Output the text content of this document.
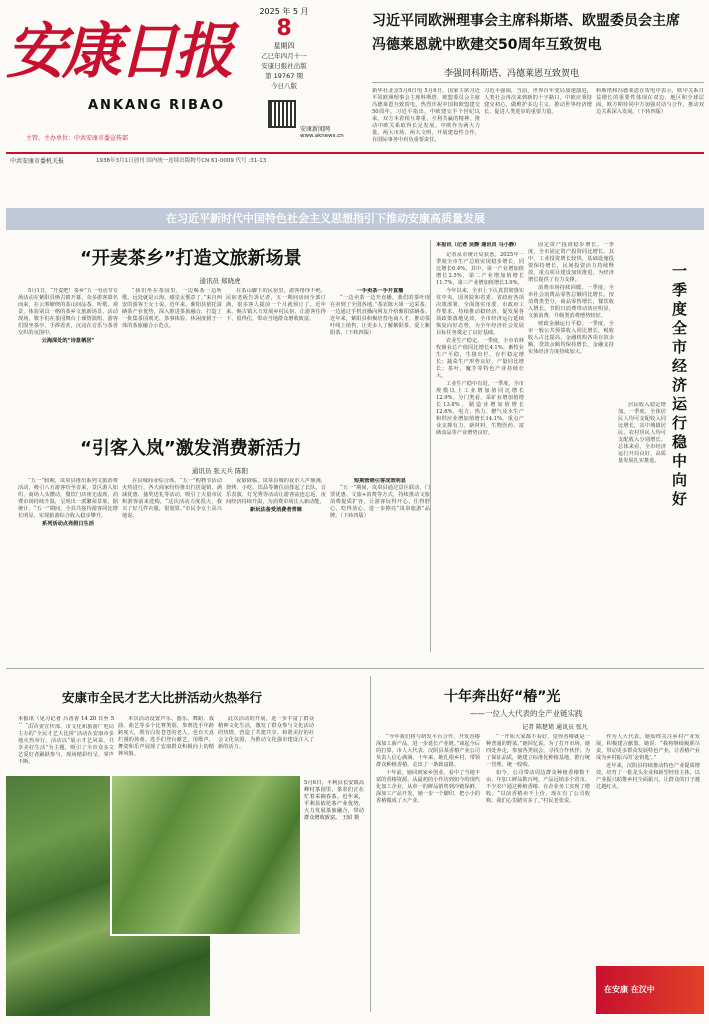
安康日报
ANKANG RIBAO
主管、主办单位：中共安康市委宣传部
2025 年 5 月
8
星期四
乙巳年四月十一
安康日报社出版
第 19767 期
今日八版
安康新闻网
www.aknews.cn
习近平同欧洲理事会主席科斯塔、欧盟委员会主席
冯德莱恩就中欧建交50周年互致贺电
李强同科斯塔、冯德莱恩互致贺电
新华社北京5月6日电 5月6日，国家主席习近平同欧洲理事会主席科斯塔、欧盟委员会主席冯德莱恩互致贺电，热烈庆祝中国和欧盟建交50周年。习近平指出，中欧建交半个世纪以来，双方本着相互尊重、互利共赢的精神，推动中欧关系取得长足发展。中欧作为两大力量、两大市场、两大文明，开展建设性合作，在国际事务中肩负重要责任。
习近平强调，当前，世界百年变局加速演进，人类社会再次来到新的十字路口，中欧应秉持建交初心，做维护多边主义、推动世界经济增长、促进人类进步的重要力量。
科斯塔和冯德莱恩在贺电中表示，欧中关系日益增长的重要性体现在双边、地区和全球层面。欧方期待同中方加强对话与合作，推动双边关系深入发展。（下转四版）
中共安康市委机关报	1938年3月1日创刊 国内统一连续出版物号CN 61-0009 代号 :31-13
在习近平新时代中国特色社会主义思想指引下推动安康高质量发展
“开麦茶乡”打造文旅新场景
通讯员 郑晓虎
5月1日，“开麦吧！茶乡”五一劳动节专场活动在紫阳县焕古镇开幕，众多游客慕名而来，在云雾缭绕的茶山间品茶、听歌、观景，体验别具一格的茶乡文旅新场景。活动现场，歌手们在茶园舞台上倾情演唱，游客们围坐茶亭，手捧香茗，沉浸在音乐与茶香交织的氛围中。
云海深处的“诗意栖居”
“我们坐在茶园里，一边喝茶一边听歌，远处就是云海，感觉太惬意了。”来自西安的游客王女士说。近年来，紫阳县依托富硒茶产业优势，深入推进茶旅融合，打造了一批集茶园观光、茶事体验、休闲度假于一体的茶旅融合示范点。
在茶山脚下的民宿里，游客络绎不绝。民宿老板告诉记者，五一期间房间全部订满，很多客人提前一个月就预订了。近年来，焕古镇大力发展乡村民宿，让游客住得下、留得住，带动当地群众增收致富。
一手卖茶一手开直播
“一边卖茶一边开直播，我们的茶叶现在卖到了全国各地。”茶农陈大姐一边采茶，一边通过手机直播向网友介绍紫阳富硒茶。近年来，紫阳县积极培育电商人才，推动茶叶线上销售，让更多人了解紫阳茶、爱上紫阳茶。（下转四版）
“引客入岚”激发消费新活力
通讯员 张天兵 陈阳
“五一”假期，岚皋县推出系列文旅消费活动，吸引八方游客纷至沓来，景区游人如织，商场人头攒动，餐饮门店座无虚席，消费市场持续升温，呈现出一派繁荣景象。据统计，“五一”期间，全县共接待游客同比增长明显，实现旅游综合收入稳步攀升。
系列活动点亮假日生活
在县城商业综合体，“五一”购物节活动火热进行，各大商家纷纷推出打折促销、满减优惠、抽奖送礼等活动，吸引了大量市民和游客前来选购。“这次活动力度很大，我买了好几件衣服，很划算。”市民李女士高兴地说。
夜幕降临，岚皋县城的夜市人声鼎沸，烧烤、小吃、饮品等摊位前排起了长队。音乐表演、灯光秀等活动让游客流连忘返，夜间经济持续升温，为消费市场注入新动能。
新玩法备受消费者青睐
短期营销引客成效明显
“五一”期间，岚皋县通过景区联动、门票优惠、文旅+消费等方式，持续推动文旅消费提质扩容，让游客玩得开心、住得舒心、吃得放心，进一步擦亮“岚皋旅游”品牌。（下转四版）
本报讯（记者 吴静 通讯员 马小静）
记者从市统计局获悉，2025年一季度全市生产总值实现稳步增长，同比增长6.4%。其中，第一产业增加值增长2.5%，第二产业增加值增长11.7%，第三产业增加值增长3.9%。
今年以来，全市上下认真贯彻落实党中央、国务院和省委、省政府各项决策部署，全面落实市委、市政府工作要求，持续推动稳经济、促发展各项政策落地见效，全市经济运行延续恢复向好态势，为全年经济社会发展目标任务奠定了良好基础。
农业生产稳定。一季度，全市农林牧渔业总产值同比增长4.1%。畜牧业生产平稳，生猪出栏、存栏稳定增长；蔬菜生产形势良好，产量同比增长；茶叶、魔芋等特色产业持续壮大。
工业生产稳中有进。一季度，全市规模以上工业增加值同比增长12.9%。分门类看，采矿业增加值增长13.8%，制造业增加值增长12.6%，电力、热力、燃气及水生产和供应业增加值增长14.1%。重点产业支撑有力，新材料、生物医药、富硒食品等产业增势良好。
固定资产投资稳步增长。一季度，全市固定资产投资同比增长。其中，工业投资增长较快，基础设施投资保持增长，民间投资活力持续释放。重点项目建设加快推进，为经济增长提供了有力支撑。
消费市场持续回暖。一季度，全市社会消费品零售总额同比增长。按消费类型分，商品零售增长，餐饮收入增长。节假日消费带动效应明显，文旅消费、升级类消费增势较好。
财政金融运行平稳。一季度，全市一般公共预算收入同比增长，税收收入占比提高。金融机构各项存款余额、贷款余额均保持增长，金融支持实体经济力度持续加大。
居民收入稳定增加。一季度，全体居民人均可支配收入同比增长，其中城镇居民、农村居民人均可支配收入分别增长。总体来看，全市经济运行开局良好，高质量发展扎实推进。
一季度全市经济运行稳中向好
安康市全民才艺大比拼活动火热举行
本报讯（见习记者 吕香香 14 20 日至 5
由市委宣传部、市文化和旅游广电局主办的“全民才艺大比拼”活动在安康市多地火热举行。活动以“展示才艺风采、共享美好生活”为主题，吸引了全市众多文艺爱好者踊跃参与，现场精彩纷呈，掌声不断。
本次活动设置声乐、器乐、舞蹈、戏曲、曲艺等多个比赛类别，参赛选手年龄跨度大，既有白发苍苍的老人，也有天真烂漫的孩童。选手们登台献艺，用歌声、舞姿和乐声展现了安康群众积极向上的精神风貌。
此次活动的开展，进一步丰富了群众精神文化生活，激发了群众参与文化活动的热情，营造了共建共享、和谐美好的社会文化氛围，为推动文化强市建设注入了新的活力。
5月6日，平利县长安镇高峰村茶园里，茶农们正在忙着采摘春茶。近年来，平利县依托茶产业优势，大力发展茶旅融合，带动群众增收致富。 王昭 摄
十年奔出好“椿”光
——一位人大代表的全产业链实践
记者 陈楚珺 通讯员 张凡
“今年我们将与研发平台合作，开发香椿深加工新产品，进一步延长产业链。”谈起今后的打算，市人大代表、汉阴县某香椿产业公司负责人信心满满。十年来，她扎根乡村，带领群众种植香椿，走出了一条致富路。
十年前，她回到家乡创业，看中了当地丰富的香椿资源。从最初的小作坊到如今的现代化加工企业，从单一的鲜品销售到冷链保鲜、深加工产品开发，她一步一个脚印，把小小的香椿做成了大产业。
“一开始大家都不看好，觉得香椿就是一种普通的野菜。”她回忆说。为了打开市场，她四处奔走，参加各类展会，寻找合作伙伴；为了保证品质，她建立标准化种植基地，推行统一管理、统一收购。
如今，公司带动周边群众种植香椿数千亩，年加工鲜品数百吨，产品远销多个省市。不少农户通过种植香椿、在企业务工实现了增收。“以前香椿卖不上价，现在有了公司收购，我们心里踏实多了。”村民老张说。
作为人大代表，她始终关注乡村产业发展，积极建言献策。她说：“我将继续履职尽责，带动更多群众发展特色产业，让香椿产业成为乡村振兴的‘金钥匙’。”
近年来，汉阴县持续推动特色产业提质增效，培育了一批龙头企业和新型经营主体，以产业振兴助推乡村全面振兴，让群众的日子越过越红火。
在安康 在汉中
